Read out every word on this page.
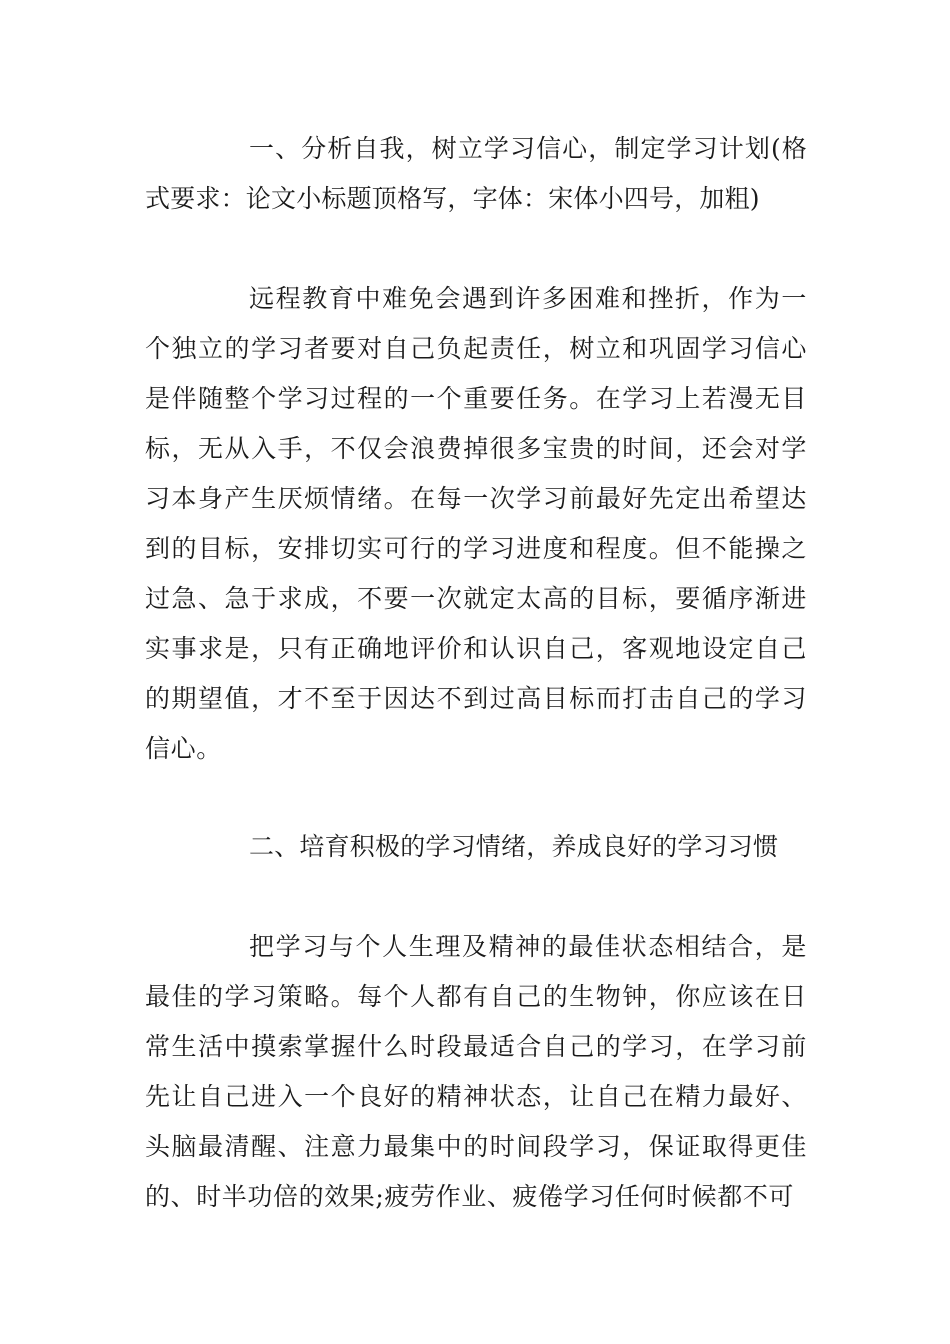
一、分析自我，树立学习信心，制定学习计划(格式要求：论文小标题顶格写，字体：宋体小四号，加粗)

远程教育中难免会遇到许多困难和挫折，作为一个独立的学习者要对自己负起责任，树立和巩固学习信心是伴随整个学习过程的一个重要任务。在学习上若漫无目标，无从入手，不仅会浪费掉很多宝贵的时间，还会对学习本身产生厌烦情绪。在每一次学习前最好先定出希望达到的目标，安排切实可行的学习进度和程度。但不能操之过急、急于求成，不要一次就定太高的目标，要循序渐进实事求是，只有正确地评价和认识自己，客观地设定自己的期望值，才不至于因达不到过高目标而打击自己的学习信心。

二、培育积极的学习情绪，养成良好的学习习惯

把学习与个人生理及精神的最佳状态相结合，是最佳的学习策略。每个人都有自己的生物钟，你应该在日常生活中摸索掌握什么时段最适合自己的学习，在学习前先让自己进入一个良好的精神状态，让自己在精力最好、头脑最清醒、注意力最集中的时间段学习，保证取得更佳的、时半功倍的效果;疲劳作业、疲倦学习任何时候都不可
